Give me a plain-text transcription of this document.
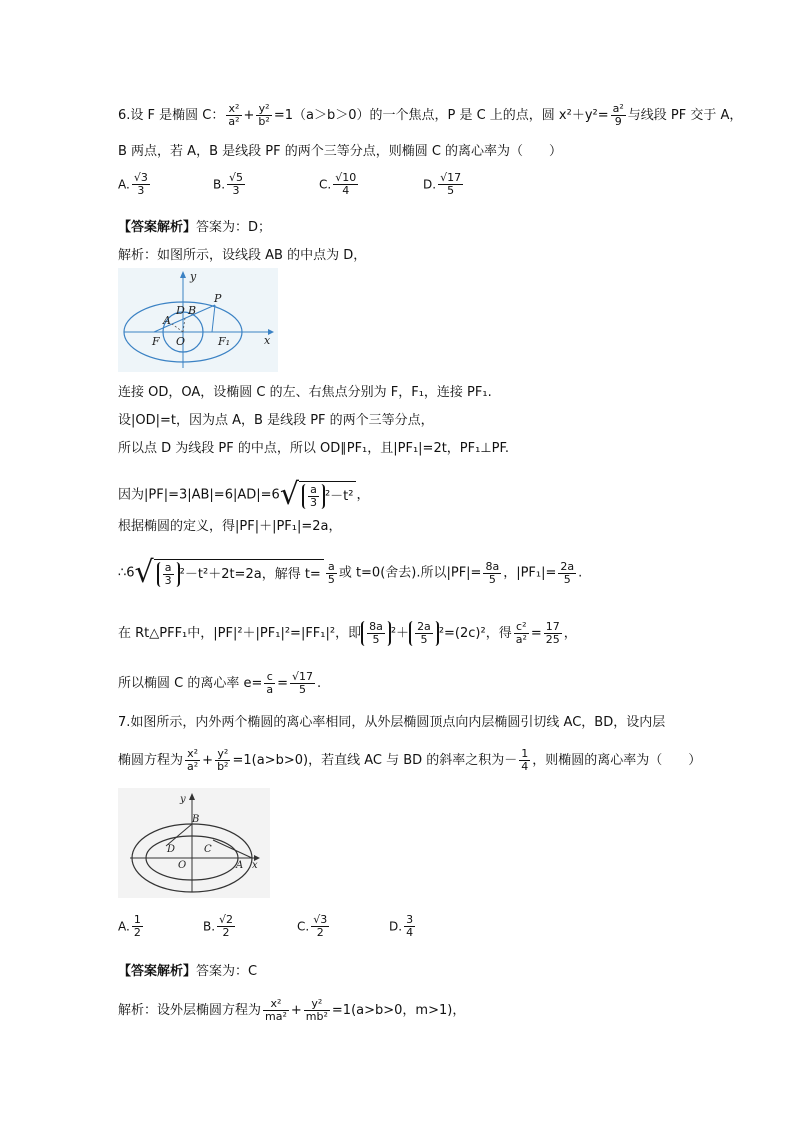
6.设 F 是椭圆 C： $\frac{\text{x²}}{\text{a²}} + \frac{\text{y²}}{\text{b²}} =1(a>b>0)$的一个焦点，P 是 C 上的点，圆 $x^2+y^2= \frac{\text{a²}}{9}$ 与线段 PF 交于 A，
B 两点，若 A，B 是线段 PF 的两个三等分点，则椭圆 C 的离心率为（　　）
A. $\frac{√3}{3}$	B. $\frac{√5}{3}$	C. $\frac{√10}{4}$	D. $\frac{√17}{5}$
【答案解析】答案为：D；
解析：如图所示，设线段 AB 的中点为 D，
y
x
P
D B
A
F O	F₁
连接 OD，OA，设椭圆 C 的左、右焦点分别为 F，F₁，连接 PF₁.
设|OD|=t，因为点 A，B 是线段 PF 的两个三等分点，
所以点 D 为线段 PF 的中点，所以 OD∥PF₁，且|PF₁|=2t，PF₁⊥PF.
因为$|PF|=3|AB|=6|AD|=6√ \frac{a}{3} ^2-t^2$ ，
根据椭圆的定义，得|PF|＋|PF₁|=2a，
∴6√ $\frac{a}{3} ^2-t^2+2t=2a$，解得 $t= \frac{a}{5}$ 或 t=0(舍去).所以$|PF|= \frac{8a}{5}$ ，$|PF_1|= \frac{2a}{5}$ .
在 Rt△PFF₁中，|PF|²＋|PF₁|²=|FF₁|²，即 $\frac{8a}{5} ^2+ \frac{2a}{5} ^2=(2c)^2$，得 $\frac{\text{c²}}{\text{a²}} = \frac{17}{25}$ ，
所以椭圆 C 的离心率 $e= \frac{c}{a} = \frac{√17}{5}$ .
7.如图所示，内外两个椭圆的离心率相同，从外层椭圆顶点向内层椭圆引切线 AC，BD，设内层
椭圆方程为 $\frac{\text{x²}}{\text{a²}} + \frac{\text{y²}}{\text{b²}} =1(a>b>0)$，若直线 AC 与 BD 的斜率之积为－ $\frac{1}{4}$ ，则椭圆的离心率为（　　）
y
B
D	C
O	A x
A. $\frac{1}{2}$	B. $\frac{√2}{2}$	C. $\frac{√3}{2}$	D. $\frac{3}{4}$
【答案解析】答案为：C
解析：设外层椭圆方程为 $\frac{\text{x²}}{\text{ma²}} + \frac{\text{y²}}{\text{mb²}} =1(a>b>0$，m>1)，
